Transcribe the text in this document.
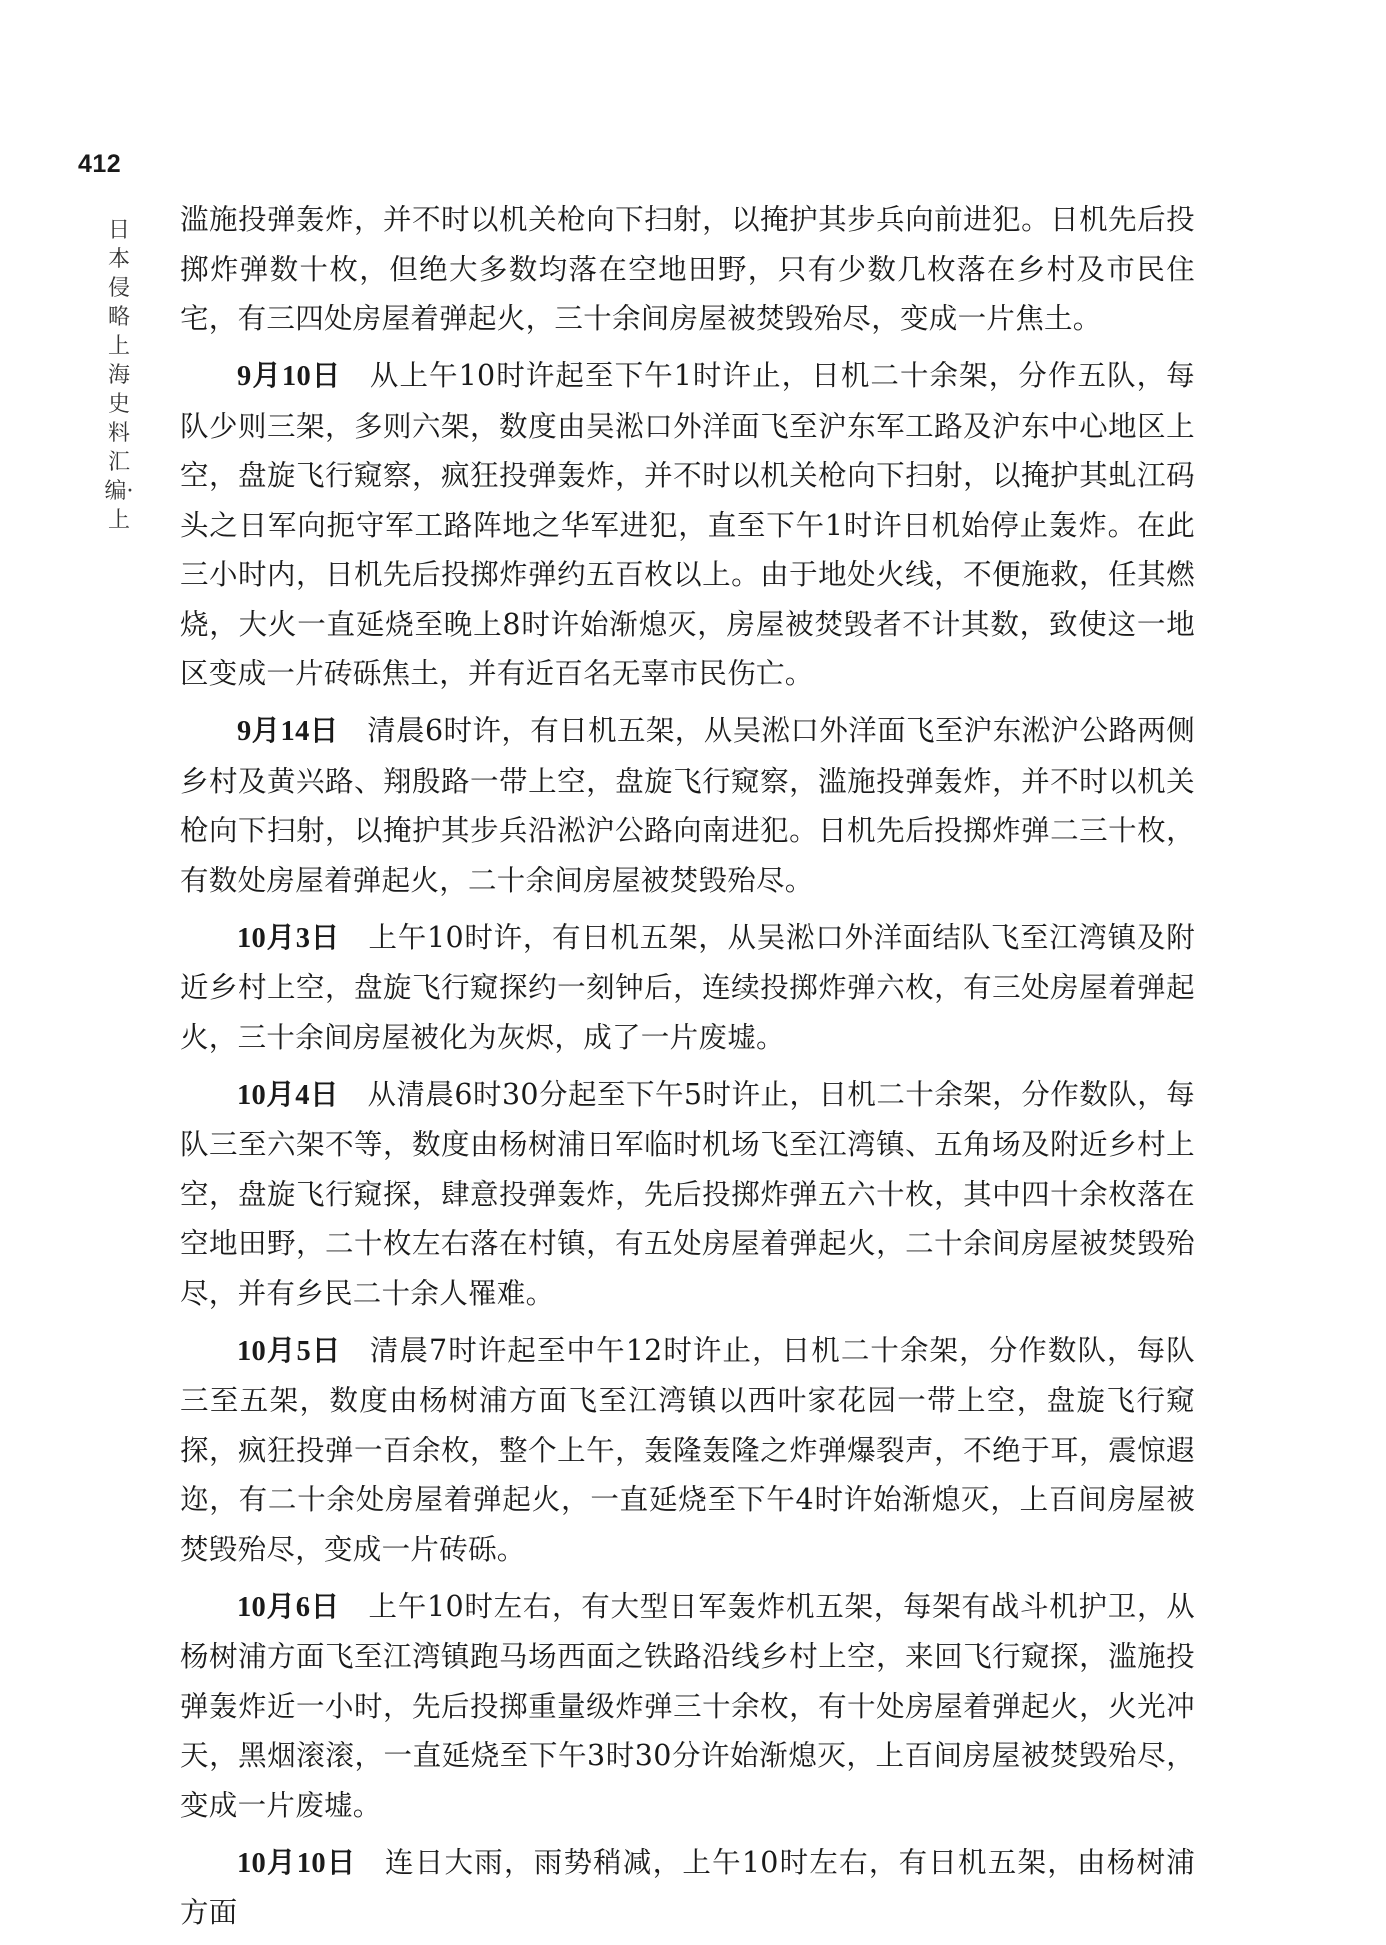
412
日本侵略上海史料汇编·上

滥施投弹轰炸，并不时以机关枪向下扫射，以掩护其步兵向前进犯。日机先后投掷炸弹数十枚，但绝大多数均落在空地田野，只有少数几枚落在乡村及市民住宅，有三四处房屋着弹起火，三十余间房屋被焚毁殆尽，变成一片焦土。

9月10日 从上午10时许起至下午1时许止，日机二十余架，分作五队，每队少则三架，多则六架，数度由吴淞口外洋面飞至沪东军工路及沪东中心地区上空，盘旋飞行窥察，疯狂投弹轰炸，并不时以机关枪向下扫射，以掩护其虬江码头之日军向扼守军工路阵地之华军进犯，直至下午1时许日机始停止轰炸。在此三小时内，日机先后投掷炸弹约五百枚以上。由于地处火线，不便施救，任其燃烧，大火一直延烧至晚上8时许始渐熄灭，房屋被焚毁者不计其数，致使这一地区变成一片砖砾焦土，并有近百名无辜市民伤亡。

9月14日 清晨6时许，有日机五架，从吴淞口外洋面飞至沪东淞沪公路两侧乡村及黄兴路、翔殷路一带上空，盘旋飞行窥察，滥施投弹轰炸，并不时以机关枪向下扫射，以掩护其步兵沿淞沪公路向南进犯。日机先后投掷炸弹二三十枚，有数处房屋着弹起火，二十余间房屋被焚毁殆尽。

10月3日 上午10时许，有日机五架，从吴淞口外洋面结队飞至江湾镇及附近乡村上空，盘旋飞行窥探约一刻钟后，连续投掷炸弹六枚，有三处房屋着弹起火，三十余间房屋被化为灰烬，成了一片废墟。

10月4日 从清晨6时30分起至下午5时许止，日机二十余架，分作数队，每队三至六架不等，数度由杨树浦日军临时机场飞至江湾镇、五角场及附近乡村上空，盘旋飞行窥探，肆意投弹轰炸，先后投掷炸弹五六十枚，其中四十余枚落在空地田野，二十枚左右落在村镇，有五处房屋着弹起火，二十余间房屋被焚毁殆尽，并有乡民二十余人罹难。

10月5日 清晨7时许起至中午12时许止，日机二十余架，分作数队，每队三至五架，数度由杨树浦方面飞至江湾镇以西叶家花园一带上空，盘旋飞行窥探，疯狂投弹一百余枚，整个上午，轰隆轰隆之炸弹爆裂声，不绝于耳，震惊遐迩，有二十余处房屋着弹起火，一直延烧至下午4时许始渐熄灭，上百间房屋被焚毁殆尽，变成一片砖砾。

10月6日 上午10时左右，有大型日军轰炸机五架，每架有战斗机护卫，从杨树浦方面飞至江湾镇跑马场西面之铁路沿线乡村上空，来回飞行窥探，滥施投弹轰炸近一小时，先后投掷重量级炸弹三十余枚，有十处房屋着弹起火，火光冲天，黑烟滚滚，一直延烧至下午3时30分许始渐熄灭，上百间房屋被焚毁殆尽，变成一片废墟。

10月10日 连日大雨，雨势稍减，上午10时左右，有日机五架，由杨树浦方面
